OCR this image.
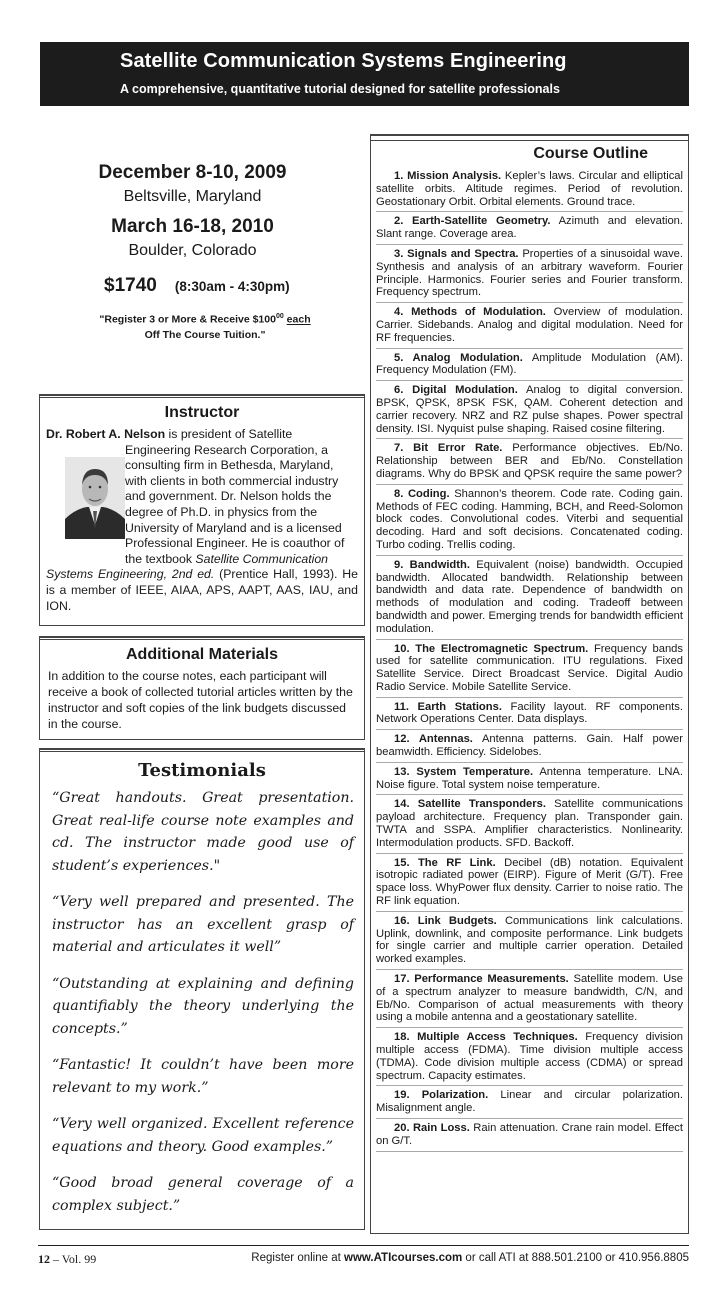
Satellite Communication Systems Engineering
A comprehensive, quantitative tutorial designed for satellite professionals
December 8-10, 2009
Beltsville, Maryland
March 16-18, 2010
Boulder, Colorado
$1740 (8:30am - 4:30pm)
"Register 3 or More & Receive $\$100^{00}$ each
Off The Course Tuition."
Instructor
Dr. Robert A. Nelson is president of Satellite
Engineering Research Corporation, a
consulting firm in Bethesda, Maryland,
with clients in both commercial industry
and government. Dr. Nelson holds the
degree of Ph.D. in physics from the
University of Maryland and is a licensed
Professional Engineer. He is coauthor of
the textbook Satellite Communication
Systems Engineering, 2nd ed. (Prentice Hall, 1993). He is a member of IEEE, AIAA, APS, AAPT, AAS, IAU, and ION.
Additional Materials

In addition to the course notes, each participant will receive a book of collected tutorial articles written by the instructor and soft copies of the link budgets discussed in the course.

Testimonials
“Great handouts. Great presentation. Great real-life course note examples and cd. The instructor made good use of student’s experiences."
“Very well prepared and presented. The instructor has an excellent grasp of material and articulates it well”
“Outstanding at explaining and defining quantifiably the theory underlying the concepts.”
“Fantastic! It couldn’t have been more relevant to my work.”
“Very well organized. Excellent reference equations and theory. Good examples.”
“Good broad general coverage of a complex subject.”
Course Outline
1. Mission Analysis. Kepler’s laws. Circular and elliptical satellite orbits. Altitude regimes. Period of revolution. Geostationary Orbit. Orbital elements. Ground trace.
2. Earth-Satellite Geometry. Azimuth and elevation. Slant range. Coverage area.
3. Signals and Spectra. Properties of a sinusoidal wave. Synthesis and analysis of an arbitrary waveform. Fourier Principle. Harmonics. Fourier series and Fourier transform. Frequency spectrum.
4. Methods of Modulation. Overview of modulation. Carrier. Sidebands. Analog and digital modulation. Need for RF frequencies.
5. Analog Modulation. Amplitude Modulation (AM). Frequency Modulation (FM).
6. Digital Modulation. Analog to digital conversion. BPSK, QPSK, 8PSK FSK, QAM. Coherent detection and carrier recovery. NRZ and RZ pulse shapes. Power spectral density. ISI. Nyquist pulse shaping. Raised cosine filtering.
7. Bit Error Rate. Performance objectives. Eb/No. Relationship between BER and Eb/No. Constellation diagrams. Why do BPSK and QPSK require the same power?
8. Coding. Shannon’s theorem. Code rate. Coding gain. Methods of FEC coding. Hamming, BCH, and Reed-Solomon block codes. Convolutional codes. Viterbi and sequential decoding. Hard and soft decisions. Concatenated coding. Turbo coding. Trellis coding.
9. Bandwidth. Equivalent (noise) bandwidth. Occupied bandwidth. Allocated bandwidth. Relationship between bandwidth and data rate. Dependence of bandwidth on methods of modulation and coding. Tradeoff between bandwidth and power. Emerging trends for bandwidth efficient modulation.
10. The Electromagnetic Spectrum. Frequency bands used for satellite communication. ITU regulations. Fixed Satellite Service. Direct Broadcast Service. Digital Audio Radio Service. Mobile Satellite Service.
11. Earth Stations. Facility layout. RF components. Network Operations Center. Data displays.
12. Antennas. Antenna patterns. Gain. Half power beamwidth. Efficiency. Sidelobes.
13. System Temperature. Antenna temperature. LNA. Noise figure. Total system noise temperature.
14. Satellite Transponders. Satellite communications payload architecture. Frequency plan. Transponder gain. TWTA and SSPA. Amplifier characteristics. Nonlinearity. Intermodulation products. SFD. Backoff.
15. The RF Link. Decibel (dB) notation. Equivalent isotropic radiated power (EIRP). Figure of Merit (G/T). Free space loss. WhyPower flux density. Carrier to noise ratio. The RF link equation.
16. Link Budgets. Communications link calculations. Uplink, downlink, and composite performance. Link budgets for single carrier and multiple carrier operation. Detailed worked examples.
17. Performance Measurements. Satellite modem. Use of a spectrum analyzer to measure bandwidth, C/N, and Eb/No. Comparison of actual measurements with theory using a mobile antenna and a geostationary satellite.
18. Multiple Access Techniques. Frequency division multiple access (FDMA). Time division multiple access (TDMA). Code division multiple access (CDMA) or spread spectrum. Capacity estimates.
19. Polarization. Linear and circular polarization. Misalignment angle.
20. Rain Loss. Rain attenuation. Crane rain model. Effect on G/T.
12 – Vol. 99	Register online at www.ATIcourses.com or call ATI at 888.501.2100 or 410.956.8805
